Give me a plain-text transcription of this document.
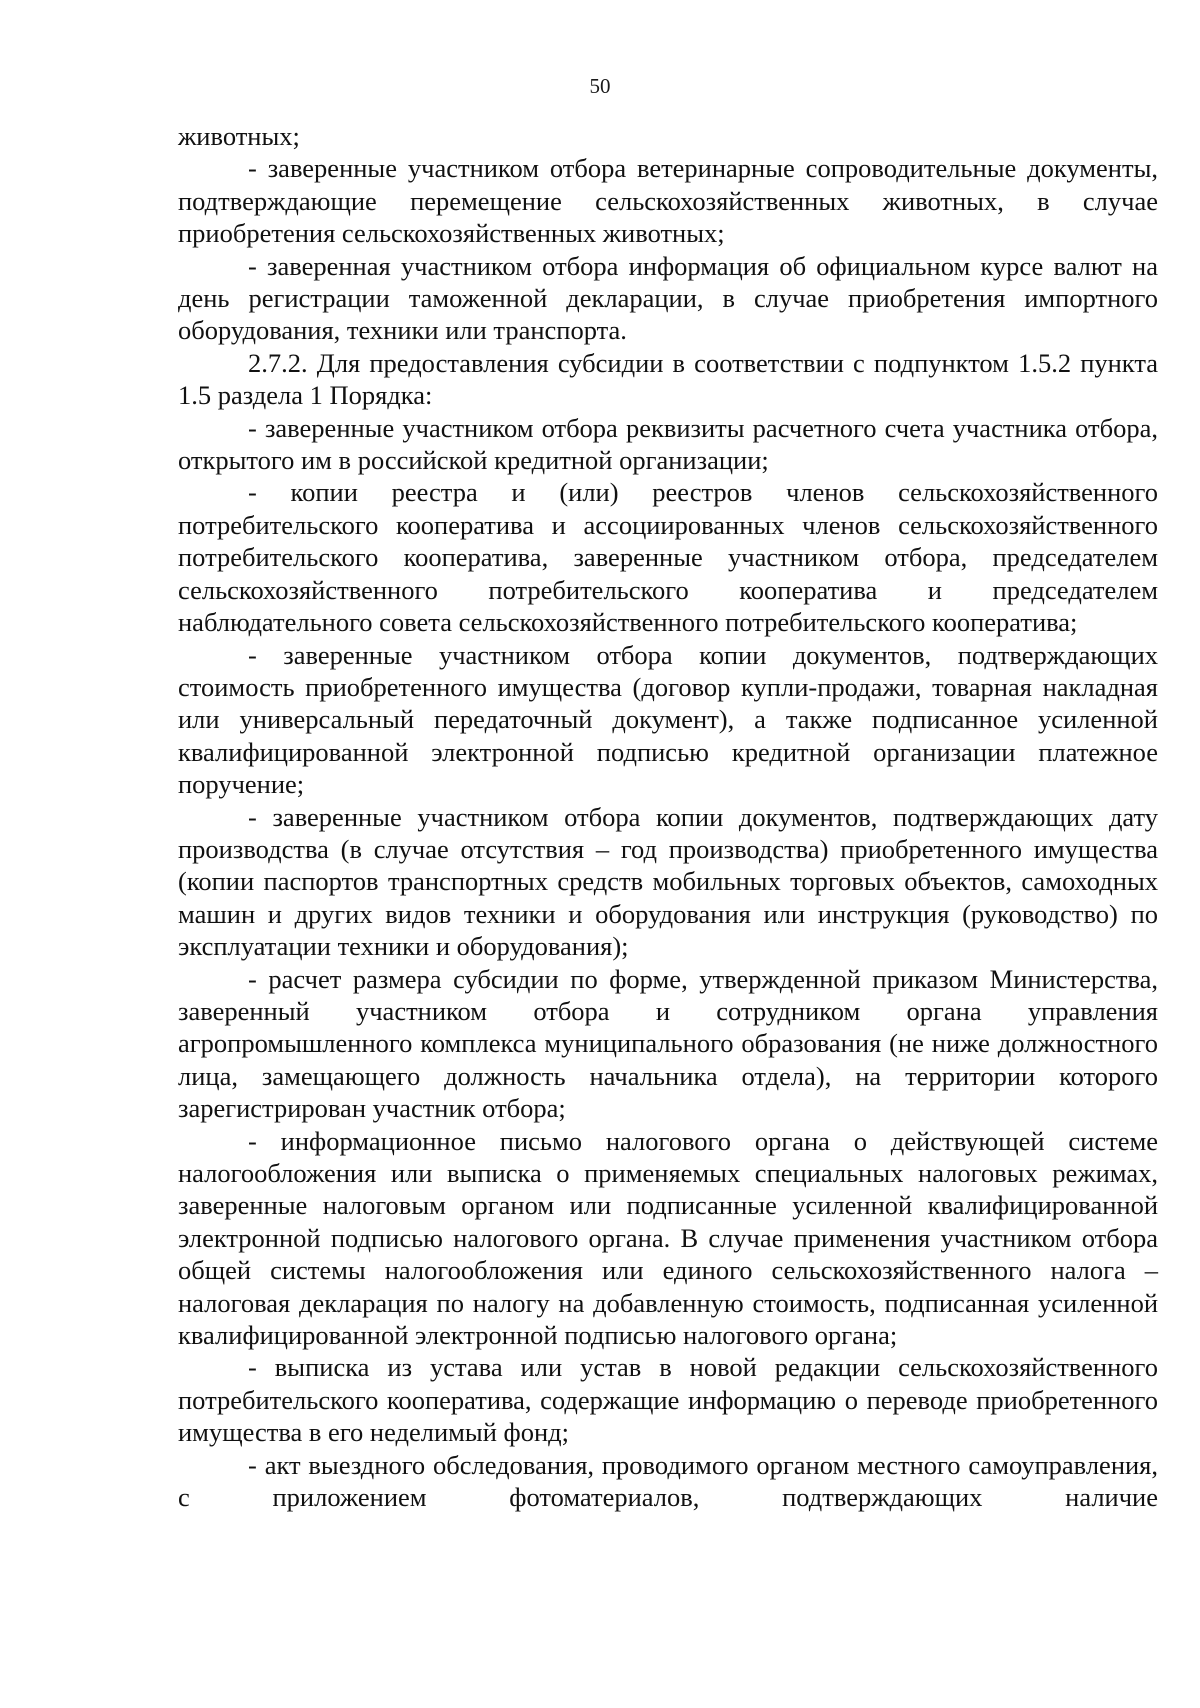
50

животных;

- заверенные участником отбора ветеринарные сопроводительные документы, подтверждающие перемещение сельскохозяйственных животных, в случае приобретения сельскохозяйственных животных;

- заверенная участником отбора информация об официальном курсе валют на день регистрации таможенной декларации, в случае приобретения импортного оборудования, техники или транспорта.

2.7.2. Для предоставления субсидии в соответствии с подпунктом 1.5.2 пункта 1.5 раздела 1 Порядка:

- заверенные участником отбора реквизиты расчетного счета участника отбора, открытого им в российской кредитной организации;

- копии реестра и (или) реестров членов сельскохозяйственного потребительского кооператива и ассоциированных членов сельскохозяйственного потребительского кооператива, заверенные участником отбора, председателем сельскохозяйственного потребительского кооператива и председателем наблюдательного совета сельскохозяйственного потребительского кооператива;

- заверенные участником отбора копии документов, подтверждающих стоимость приобретенного имущества (договор купли-продажи, товарная накладная или универсальный передаточный документ), а также подписанное усиленной квалифицированной электронной подписью кредитной организации платежное поручение;

- заверенные участником отбора копии документов, подтверждающих дату производства (в случае отсутствия – год производства) приобретенного имущества (копии паспортов транспортных средств мобильных торговых объектов, самоходных машин и других видов техники и оборудования или инструкция (руководство) по эксплуатации техники и оборудования);

- расчет размера субсидии по форме, утвержденной приказом Министерства, заверенный участником отбора и сотрудником органа управления агропромышленного комплекса муниципального образования (не ниже должностного лица, замещающего должность начальника отдела), на территории которого зарегистрирован участник отбора;

- информационное письмо налогового органа о действующей системе налогообложения или выписка о применяемых специальных налоговых режимах, заверенные налоговым органом или подписанные усиленной квалифицированной электронной подписью налогового органа. В случае применения участником отбора общей системы налогообложения или единого сельскохозяйственного налога – налоговая декларация по налогу на добавленную стоимость, подписанная усиленной квалифицированной электронной подписью налогового органа;

- выписка из устава или устав в новой редакции сельскохозяйственного потребительского кооператива, содержащие информацию о переводе приобретенного имущества в его неделимый фонд;

- акт выездного обследования, проводимого органом местного самоуправления, с приложением фотоматериалов, подтверждающих наличие
